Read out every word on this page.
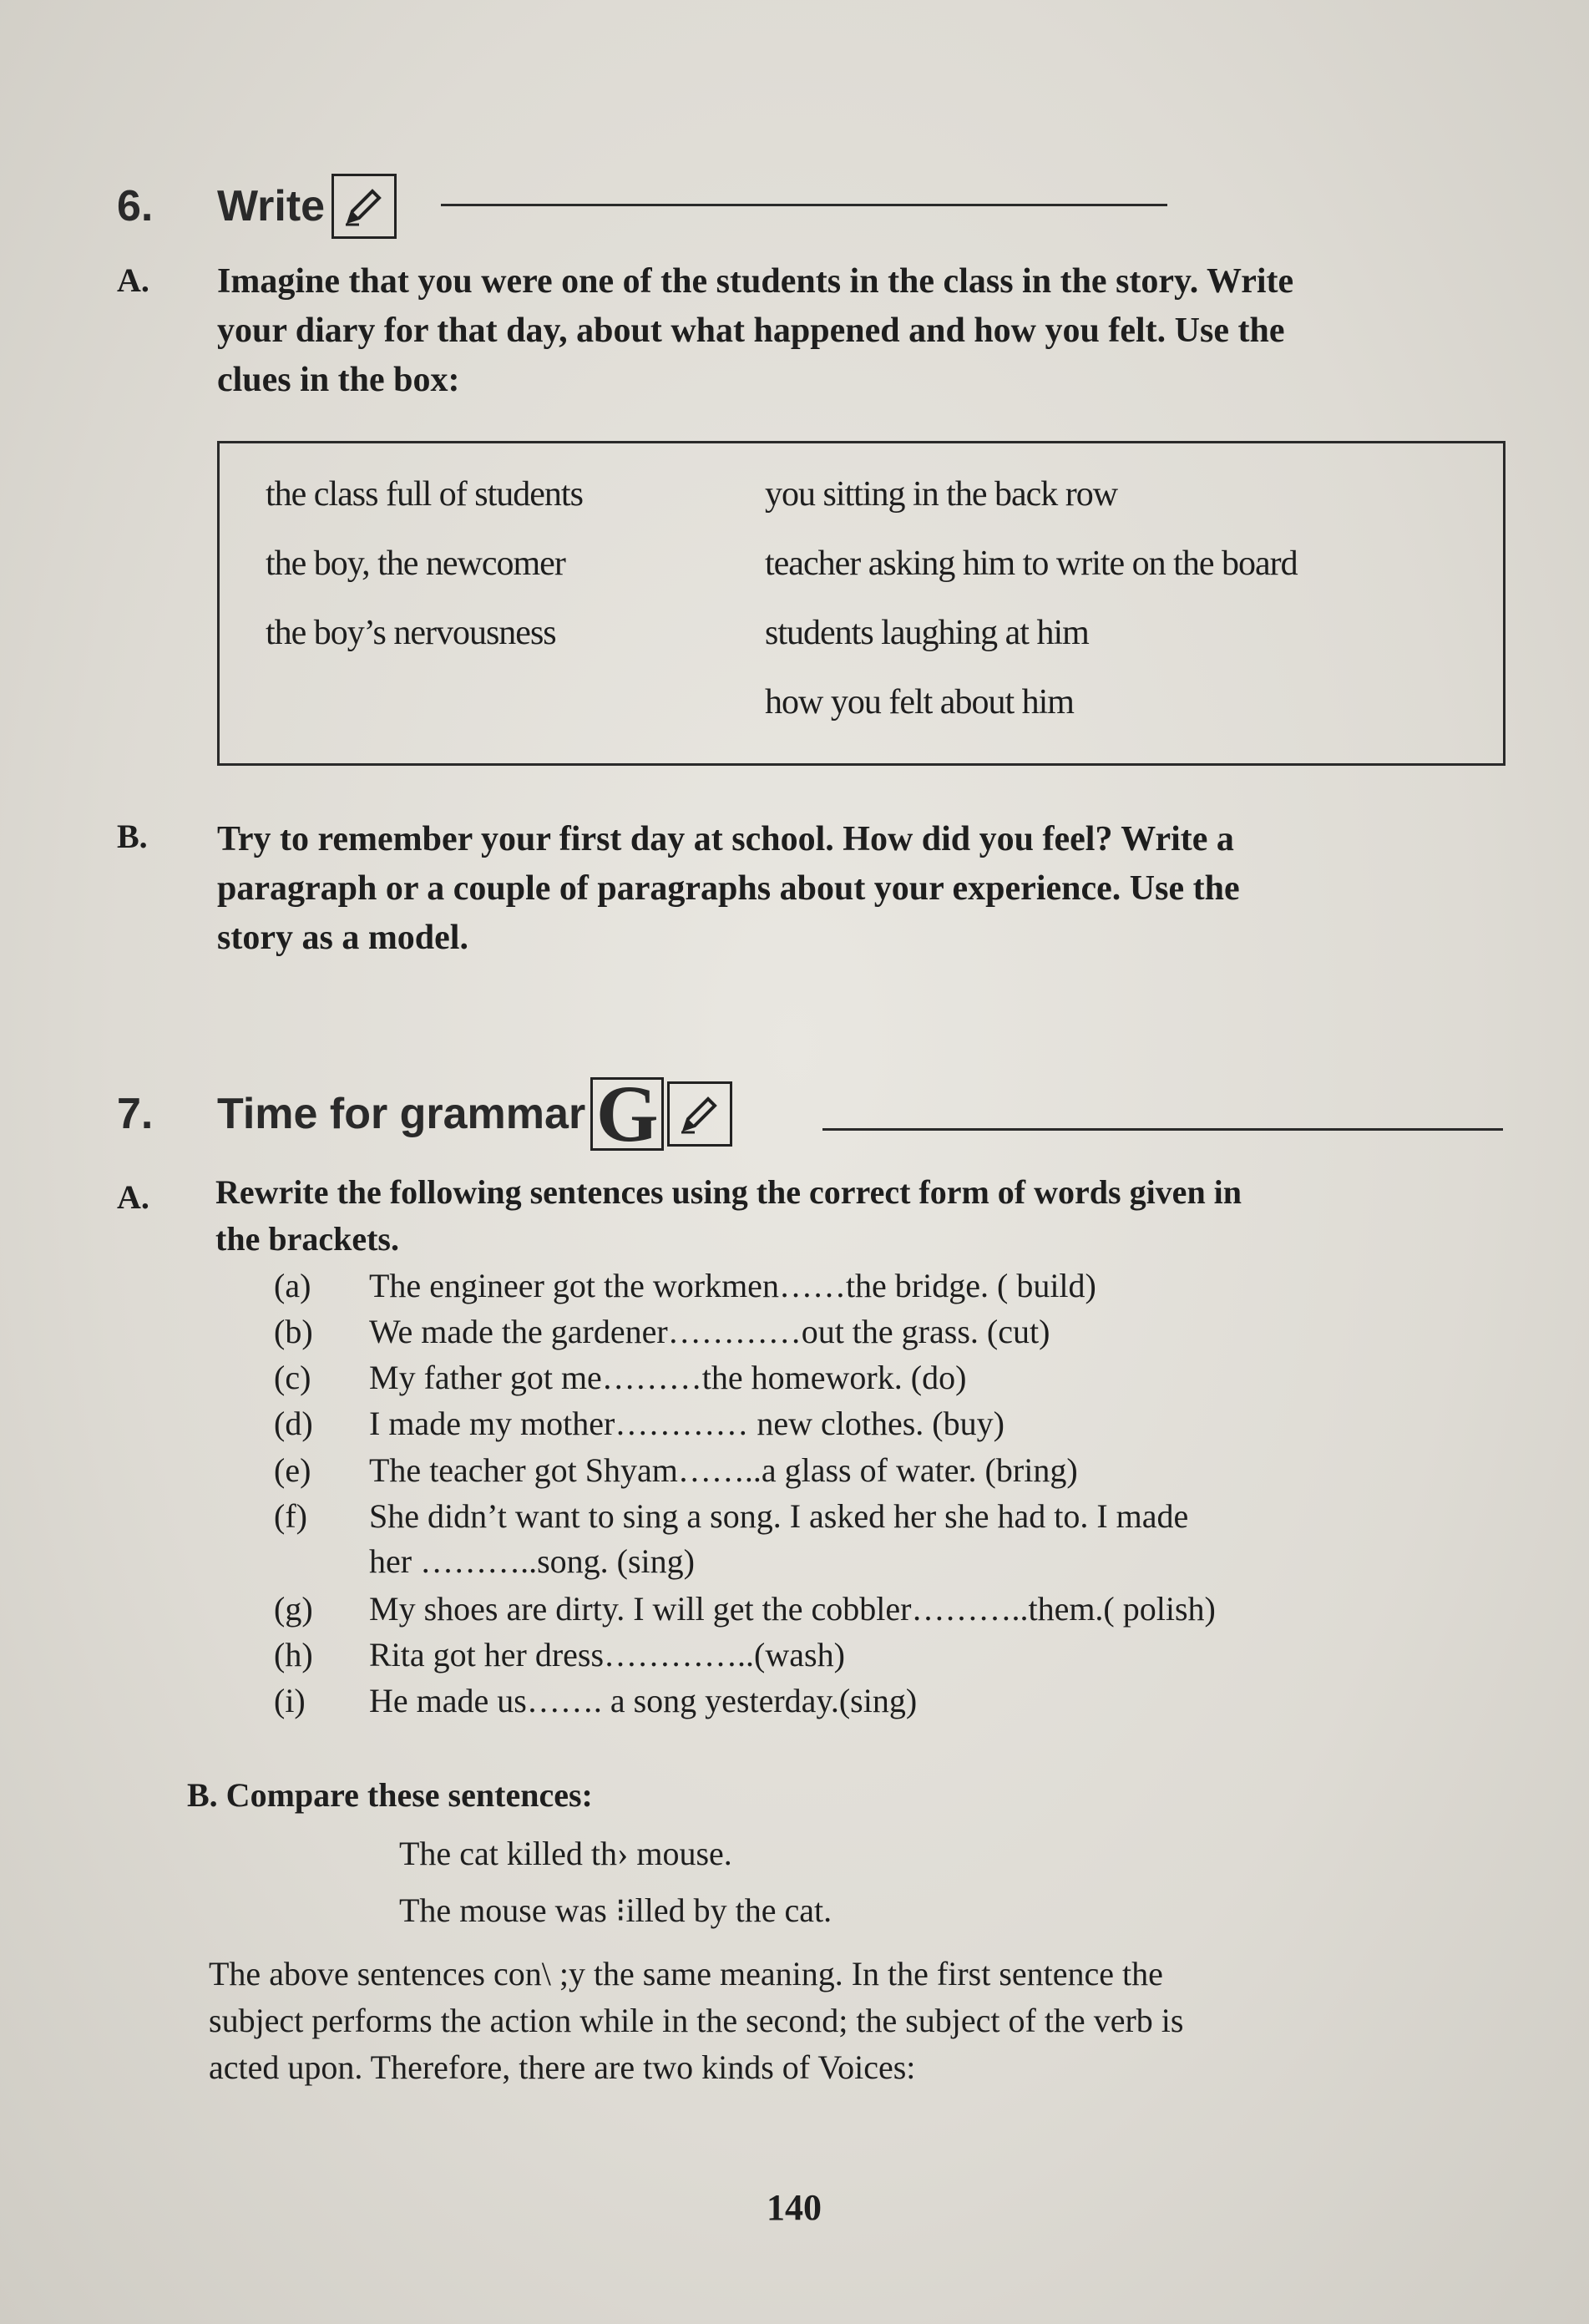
6.	Write
A. Imagine that you were one of the students in the class in the story. Write
your diary for that day, about what happened and how you felt. Use the
clues in the box:
the class full of students
the boy, the newcomer
the boy’s nervousness
you sitting in the back row
teacher asking him to write on the board
students laughing at him
how you felt about him
B. Try to remember your first day at school. How did you feel? Write a
paragraph or a couple of paragraphs about your experience. Use the
story as a model.
7.	Time for grammar G
A. Rewrite the following sentences using the correct form of words given in
the brackets.
(a) The engineer got the workmen……the bridge. ( build)
(b) We made the gardener…………out the grass. (cut)
(c) My father got me………the homework. (do)
(d) I made my mother………… new clothes. (buy)
(e) The teacher got Shyam……..a glass of water. (bring)
(f) She didn’t want to sing a song. I asked her she had to. I made
her ………..song. (sing)
(g) My shoes are dirty. I will get the cobbler………..them.( polish)
(h) Rita got her dress…………..(wash)
(i) He made us……. a song yesterday.(sing)
B. Compare these sentences:
The cat killed th› mouse.
The mouse was ⁝illed by the cat.
The above sentences con\ ;y the same meaning. In the first sentence the
subject performs the action while in the second; the subject of the verb is
acted upon. Therefore, there are two kinds of Voices:
140
